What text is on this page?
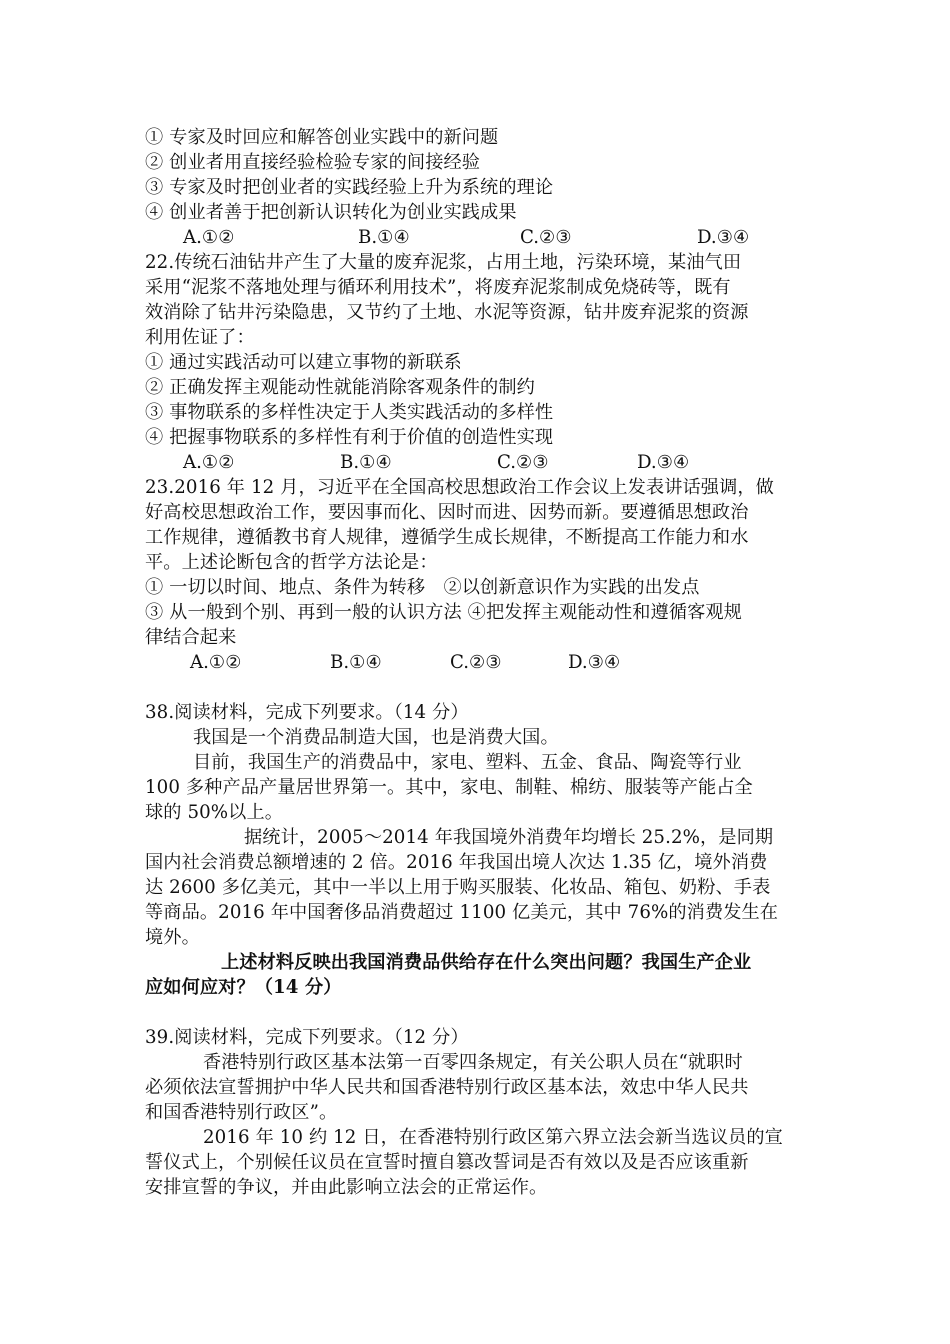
① 专家及时回应和解答创业实践中的新问题
② 创业者用直接经验检验专家的间接经验
③ 专家及时把创业者的实践经验上升为系统的理论
④ 创业者善于把创新认识转化为创业实践成果
A.①②	B.①④	C.②③	D.③④
22.传统石油钻井产生了大量的废弃泥浆，占用土地，污染环境，某油气田
采用“泥浆不落地处理与循环利用技术”，将废弃泥浆制成免烧砖等，既有
效消除了钻井污染隐患，又节约了土地、水泥等资源，钻井废弃泥浆的资源
利用佐证了：
① 通过实践活动可以建立事物的新联系
② 正确发挥主观能动性就能消除客观条件的制约
③ 事物联系的多样性决定于人类实践活动的多样性
④ 把握事物联系的多样性有利于价值的创造性实现
A.①②	B.①④	C.②③	D.③④
23.2016 年 12 月，习近平在全国高校思想政治工作会议上发表讲话强调，做
好高校思想政治工作，要因事而化、因时而进、因势而新。要遵循思想政治
工作规律，遵循教书育人规律，遵循学生成长规律，不断提高工作能力和水
平。上述论断包含的哲学方法论是：
① 一切以时间、地点、条件为转移　②以创新意识作为实践的出发点
③ 从一般到个别、再到一般的认识方法 ④把发挥主观能动性和遵循客观规
律结合起来
A.①②	B.①④	C.②③	D.③④
38.阅读材料，完成下列要求。（14 分）
我国是一个消费品制造大国，也是消费大国。
目前，我国生产的消费品中，家电、塑料、五金、食品、陶瓷等行业
100 多种产品产量居世界第一。其中，家电、制鞋、棉纺、服装等产能占全
球的 50%以上。
据统计，2005～2014 年我国境外消费年均增长 25.2%，是同期
国内社会消费总额增速的 2 倍。2016 年我国出境人次达 1.35 亿，境外消费
达 2600 多亿美元，其中一半以上用于购买服装、化妆品、箱包、奶粉、手表
等商品。2016 年中国奢侈品消费超过 1100 亿美元，其中 76%的消费发生在
境外。
上述材料反映出我国消费品供给存在什么突出问题？我国生产企业
应如何应对？（14 分）
39.阅读材料，完成下列要求。（12 分）
香港特别行政区基本法第一百零四条规定，有关公职人员在“就职时
必须依法宣誓拥护中华人民共和国香港特别行政区基本法，效忠中华人民共
和国香港特别行政区”。
2016 年 10 约 12 日，在香港特别行政区第六界立法会新当选议员的宣
誓仪式上，个别候任议员在宣誓时擅自篡改誓词是否有效以及是否应该重新
安排宣誓的争议，并由此影响立法会的正常运作。
